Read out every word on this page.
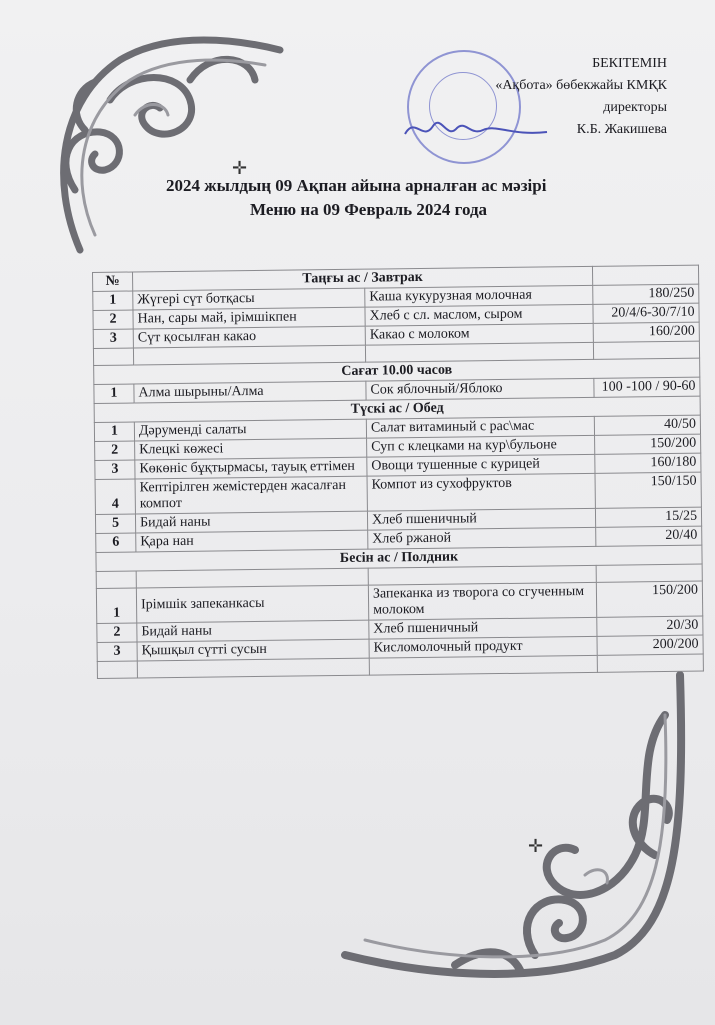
БЕКІТЕМІН
«Ақбота» бөбекжайы КМҚК
директоры
К.Б. Жакишева
✛
✛
2024 жылдың 09 Ақпан айына арналған ас мәзірі
Меню на 09 Февраль 2024 года
№	Таңғы ас / Завтрак		
1	Жүгері сүт ботқасы	Каша кукурузная молочная	180/250
2	Нан, сары май, ірімшікпен	Хлеб с сл. маслом, сыром	20/4/6-30/7/10
3	Сүт қосылған какао	Какао с молоком	160/200

Сағат 10.00 часов			
1	Алма шырыны/Алма	Сок яблочный/Яблоко	100 -100 / 90-60
Түскі ас / Обед			
1	Дәруменді салаты	Салат витаминый с рас\мас	40/50
2	Клецкі көжесі	Суп с клецками на кур\бульоне	150/200
3	Көкөніс бұқтырмасы, тауық еттімен	Овощи тушенные с курицей	160/180
4	Кептірілген жемістерден жасалған компот	Компот из сухофруктов	150/150
5	Бидай наны	Хлеб пшеничный	15/25
6	Қара нан	Хлеб ржаной	20/40
Бесін ас / Полдник			

1	Ірімшік запеканкасы	Запеканка из творога со сгученным молоком	150/200
2	Бидай наны	Хлеб пшеничный	20/30
3	Қышқыл сүтті сусын	Кисломолочный продукт	200/200
